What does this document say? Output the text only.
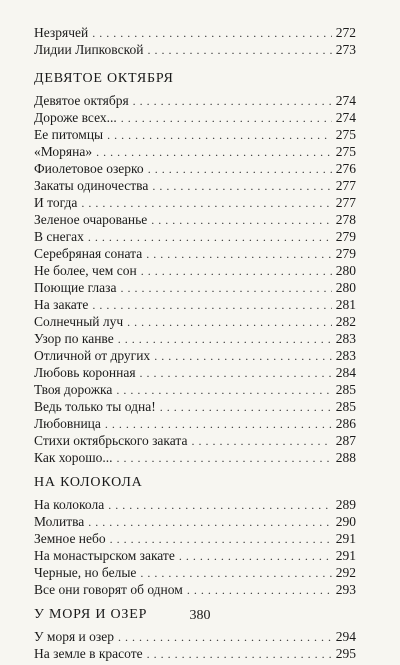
Незрячей . . .	272
Лидии Липковской . . .	273
ДЕВЯТОЕ ОКТЯБРЯ
Девятое октября . . .	274
Дороже всех... . . .	274
Ее питомцы . . .	275
«Моряна» . . .	275
Фиолетовое озерко . . .	276
Закаты одиночества . . .	277
И тогда . . .	277
Зеленое очарованье . . .	278
В снегах . . .	279
Серебряная соната . . .	279
Не более, чем сон . . .	280
Поющие глаза . . .	280
На закате . . .	281
Солнечный луч . . .	282
Узор по канве . . .	283
Отличной от других . . .	283
Любовь коронная . . .	284
Твоя дорожка . . .	285
Ведь только ты одна! . . .	285
Любовница . . .	286
Стихи октябрьского заката . . .	287
Как хорошо... . . .	288
НА КОЛОКОЛА
На колокола . . .	289
Молитва . . .	290
Земное небо . . .	291
На монастырском закате . . .	291
Черные, но белые . . .	292
Все они говорят об одном . . .	293
У МОРЯ И ОЗЕР
У моря и озер . . .	294
На земле в красоте . . .	295
380
